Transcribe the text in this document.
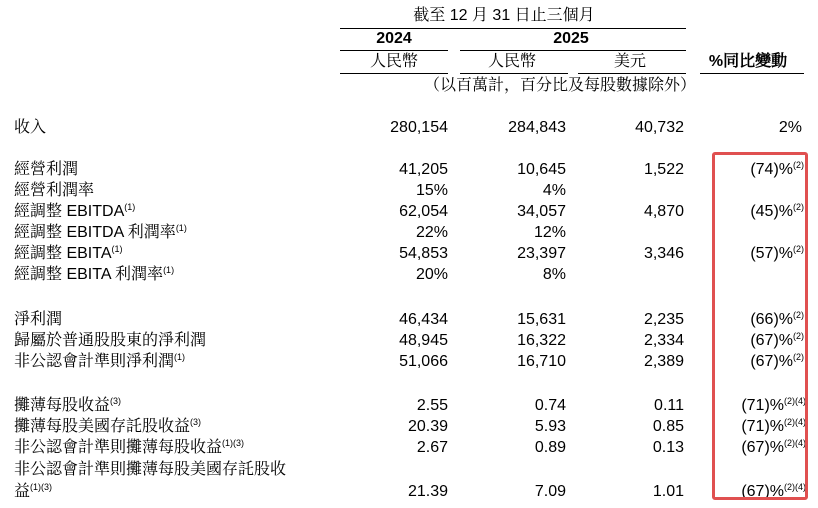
截至 12 月 31 日止三個月
2024	2025
人民幣	人民幣	美元	%同比變動
（以百萬計，百分比及每股數據除外）
收入	280,154	284,843	40,732	2%
經營利潤	41,205	10,645	1,522	(74)%$^{(2)}$
經營利潤率	15%	4%
經調整 EBITDA$^{(1)}$	62,054	34,057	4,870	(45)%$^{(2)}$
經調整 EBITDA 利潤率$^{(1)}$	22%	12%
經調整 EBITA$^{(1)}$	54,853	23,397	3,346	(57)%$^{(2)}$
經調整 EBITA 利潤率$^{(1)}$	20%	8%
淨利潤	46,434	15,631	2,235	(66)%$^{(2)}$
歸屬於普通股股東的淨利潤	48,945	16,322	2,334	(67)%$^{(2)}$
非公認會計準則淨利潤$^{(1)}$	51,066	16,710	2,389	(67)%$^{(2)}$
攤薄每股收益$^{(3)}$	2.55	0.74	0.11	(71)%$^{(2)(4)}$
攤薄每股美國存託股收益$^{(3)}$	20.39	5.93	0.85	(71)%$^{(2)(4)}$
非公認會計準則攤薄每股收益$^{(1)(3)}$	2.67	0.89	0.13	(67)%$^{(2)(4)}$
非公認會計準則攤薄每股美國存託股收
益$^{(1)(3)}$	21.39	7.09	1.01	(67)%$^{(2)(4)}$
